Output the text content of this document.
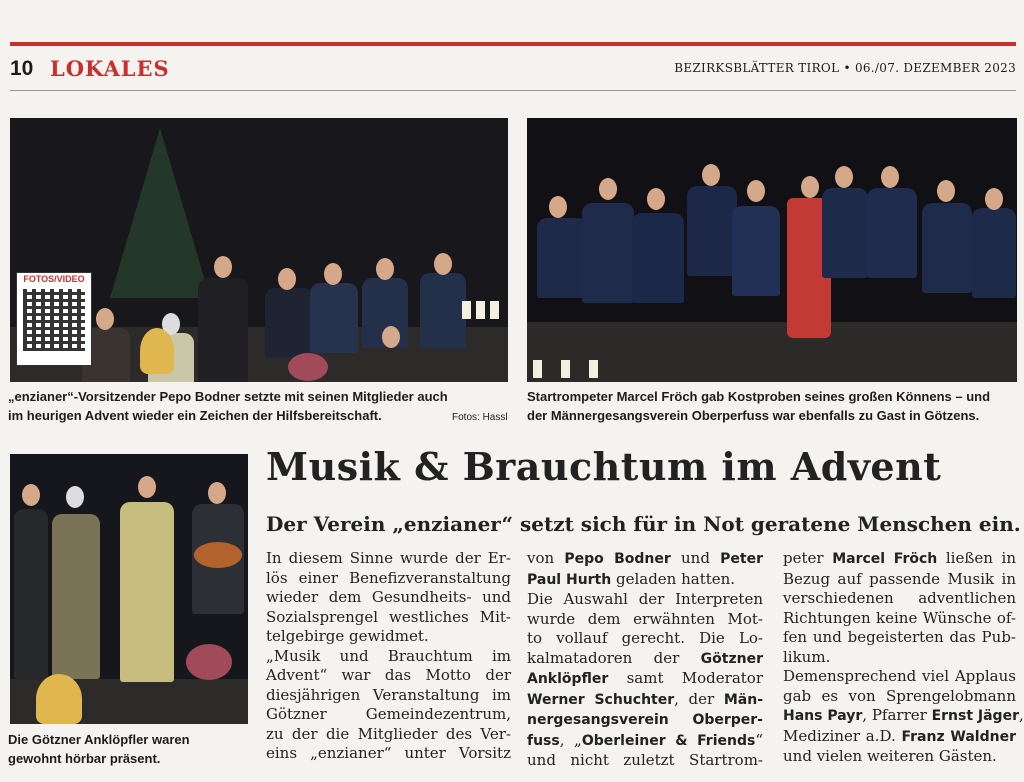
10 LOKALES	BEZIRKSBLÄTTER TIROL • 06./07. DEZEMBER 2023
FOTOS/VIDEO
„enzianer“-Vorsitzender Pepo Bodner setzte mit seinen Mitglieder auch
im heurigen Advent wieder ein Zeichen der Hilfsbereitschaft.	Fotos: Hassl
Startrompeter Marcel Fröch gab Kostproben seines großen Könnens – und
der Männergesangsverein Oberperfuss war ebenfalls zu Gast in Götzens.
Die Götzner Anklöpfler waren
gewohnt hörbar präsent.
Musik & Brauchtum im Advent
Der Verein „enzianer“ setzt sich für in Not geratene Menschen ein.
In diesem Sinne wurde der Er-
lös einer Benefizveranstaltung
wieder dem Gesundheits- und
Sozialsprengel westliches Mit-
telgebirge gewidmet.
„Musik und Brauchtum im
Advent“ war das Motto der
diesjährigen Veranstaltung im
Götzner Gemeindezentrum,
zu der die Mitglieder des Ver-
eins „enzianer“ unter Vorsitz
von Pepo Bodner und Peter
Paul Hurth geladen hatten.
Die Auswahl der Interpreten
wurde dem erwähnten Mot-
to vollauf gerecht. Die Lo-
kalmatadoren der Götzner
Anklöpfler samt Moderator
Werner Schuchter, der Män-
nergesangsverein Oberper-
fuss, „Oberleiner & Friends“
und nicht zuletzt Startrom-
peter Marcel Fröch ließen in
Bezug auf passende Musik in
verschiedenen adventlichen
Richtungen keine Wünsche of-
fen und begeisterten das Pub-
likum.
Demensprechend viel Applaus
gab es von Sprengelobmann
Hans Payr, Pfarrer Ernst Jäger,
Mediziner a.D. Franz Waldner
und vielen weiteren Gästen.
